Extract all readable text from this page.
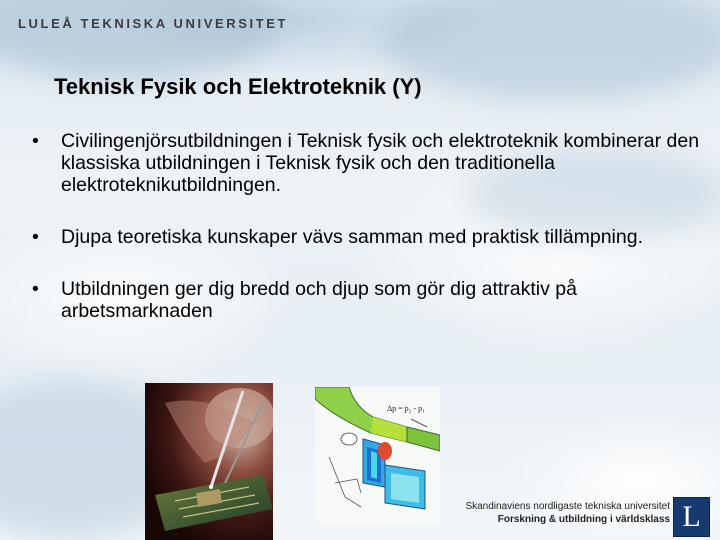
LULEÅ TEKNISKA UNIVERSITET
Teknisk Fysik och Elektroteknik (Y)
• Civilingenjörsutbildningen i Teknisk fysik och elektroteknik kombinerar den klassiska utbildningen i Teknisk fysik och den traditionella elektroteknikutbildningen.
• Djupa teoretiska kunskaper vävs samman med praktisk tillämpning.
• Utbildningen ger dig bredd och djup som gör dig attraktiv på arbetsmarknaden
Δp = p₂ - p₁
Skandinaviens nordligaste tekniska universitet
Forskning & utbildning i världsklass L
